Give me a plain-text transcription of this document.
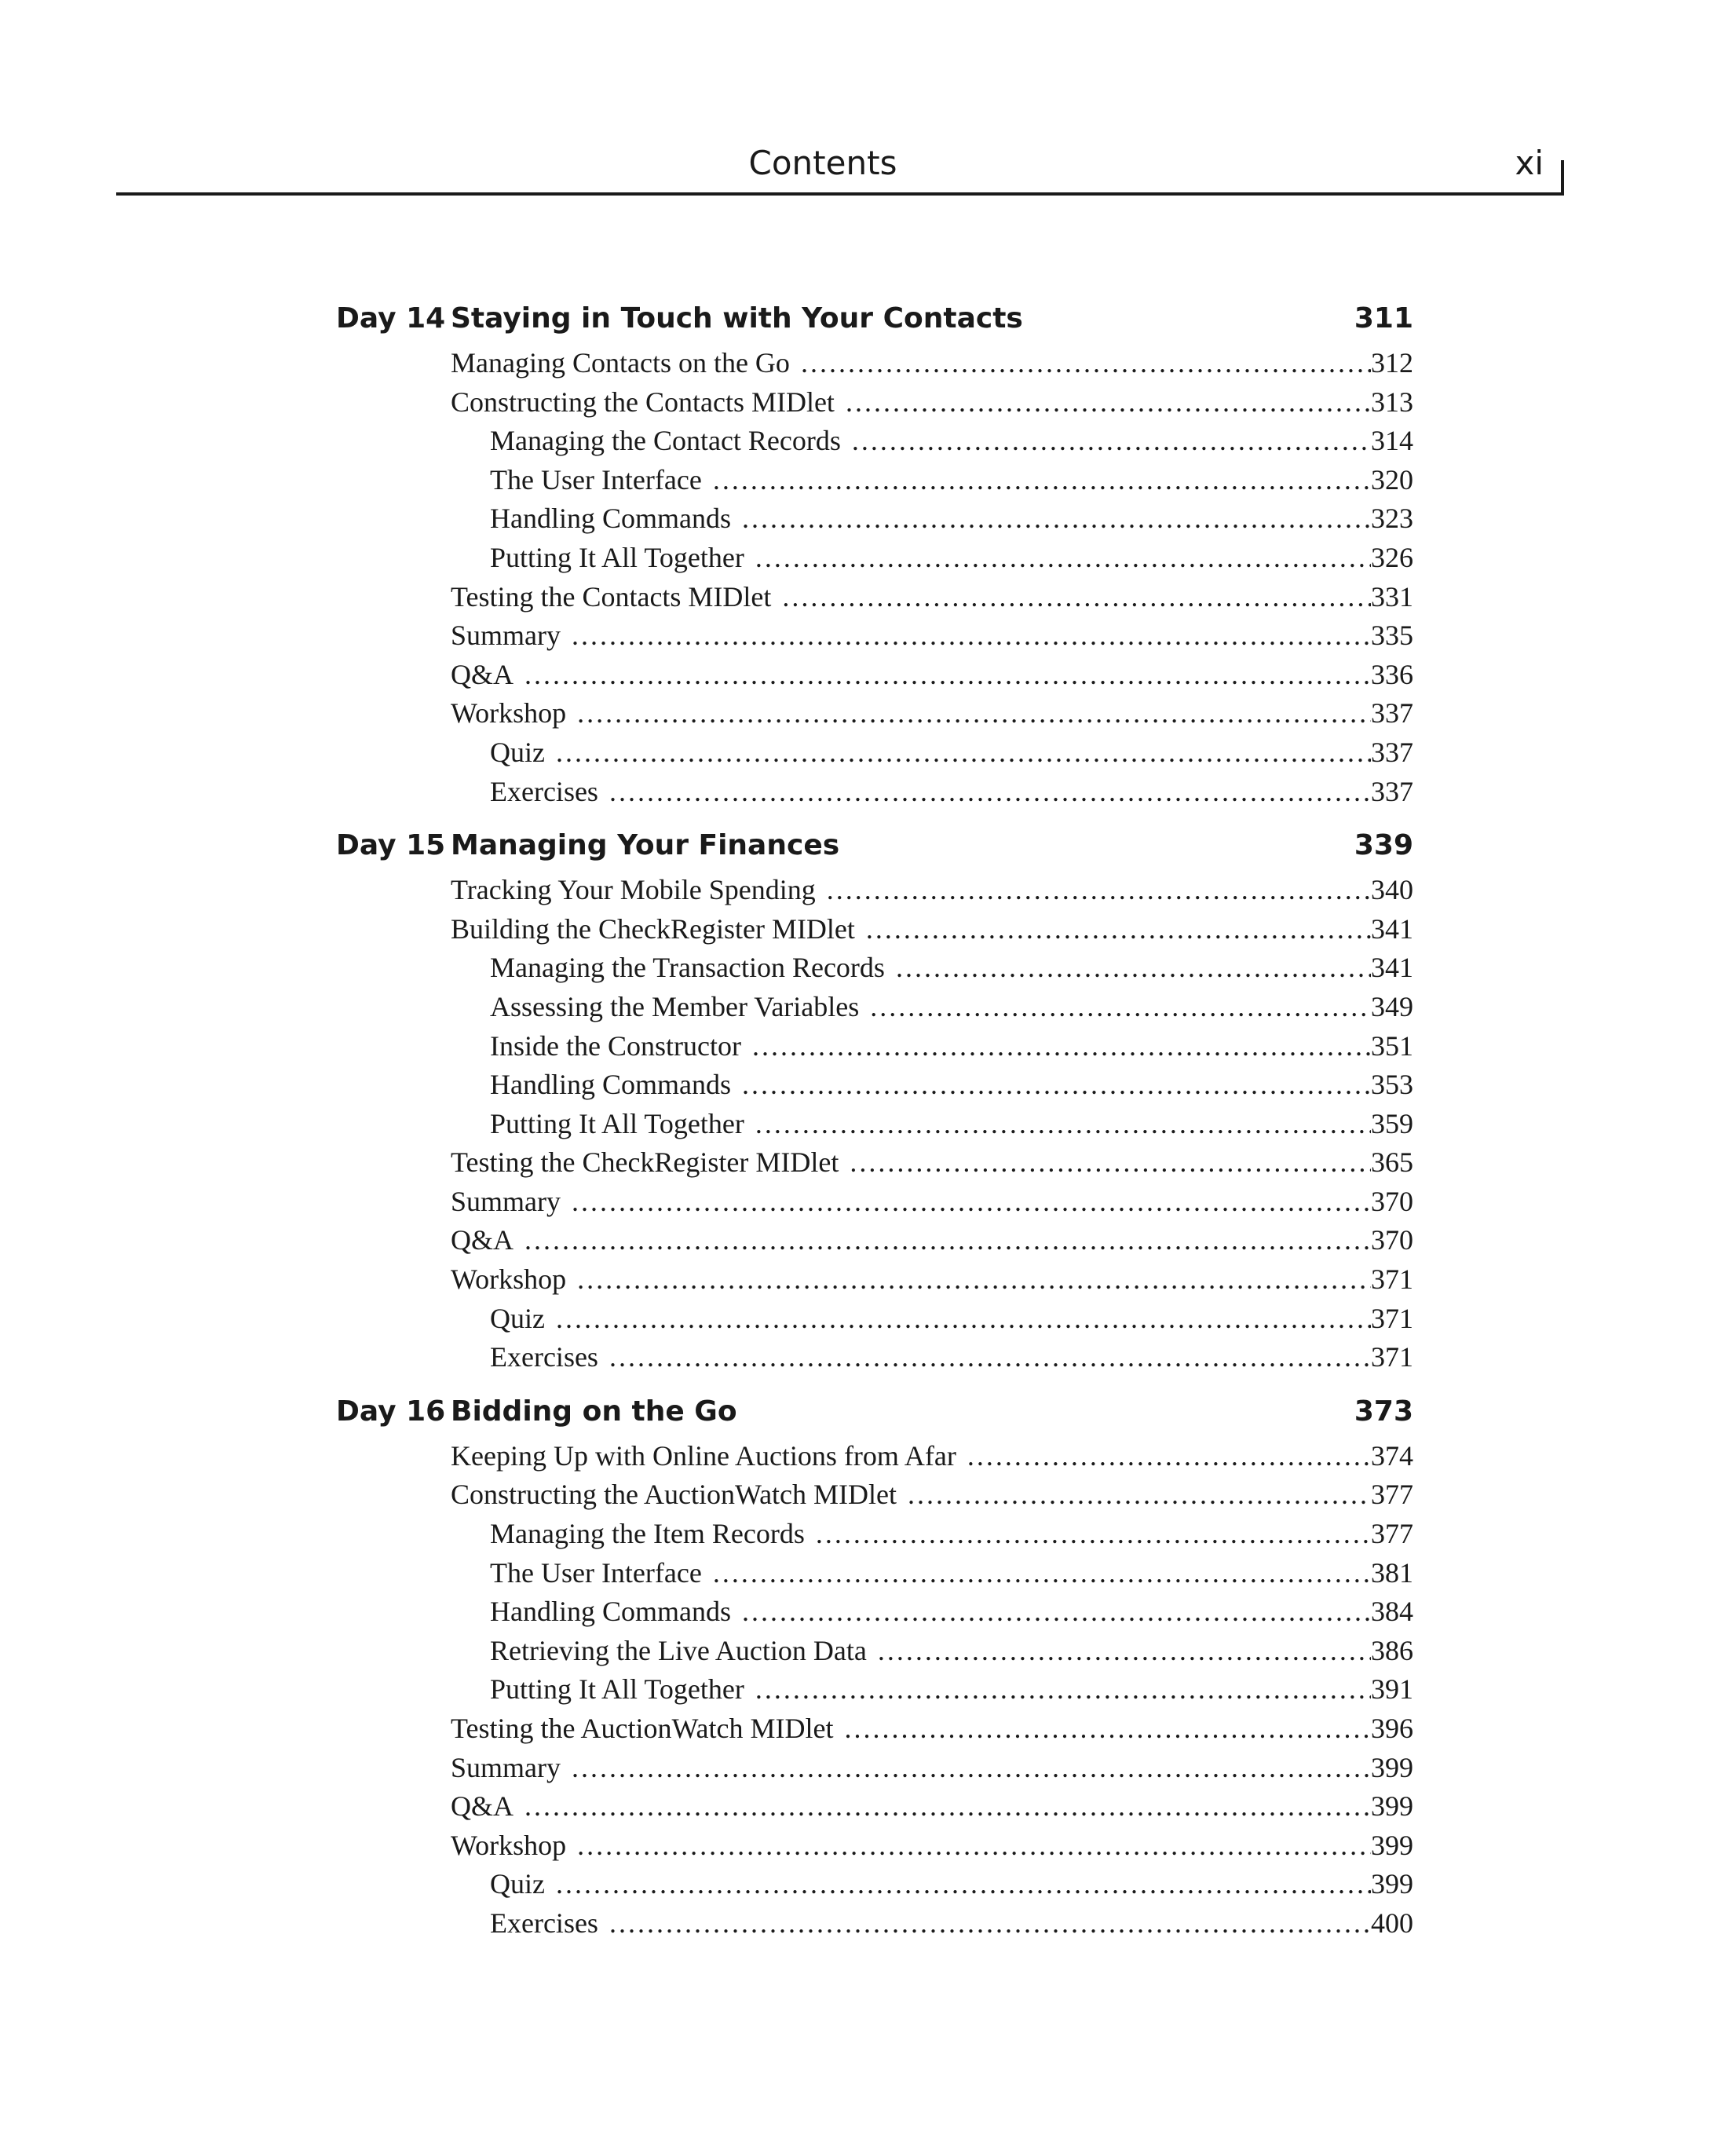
Contents	xi
Day 14 Staying in Touch with Your Contacts	311
Managing Contacts on the Go .....	312
Constructing the Contacts MIDlet .....	313
Managing the Contact Records .....	314
The User Interface .....	320
Handling Commands .....	323
Putting It All Together .....	326
Testing the Contacts MIDlet .....	331
Summary .....	335
Q&A .....	336
Workshop .....	337
Quiz .....	337
Exercises .....	337
Day 15 Managing Your Finances	339
Tracking Your Mobile Spending .....	340
Building the CheckRegister MIDlet .....	341
Managing the Transaction Records .....	341
Assessing the Member Variables .....	349
Inside the Constructor .....	351
Handling Commands .....	353
Putting It All Together .....	359
Testing the CheckRegister MIDlet .....	365
Summary .....	370
Q&A .....	370
Workshop .....	371
Quiz .....	371
Exercises .....	371
Day 16 Bidding on the Go	373
Keeping Up with Online Auctions from Afar .....	374
Constructing the AuctionWatch MIDlet .....	377
Managing the Item Records .....	377
The User Interface .....	381
Handling Commands .....	384
Retrieving the Live Auction Data .....	386
Putting It All Together .....	391
Testing the AuctionWatch MIDlet .....	396
Summary .....	399
Q&A .....	399
Workshop .....	399
Quiz .....	399
Exercises .....	400
